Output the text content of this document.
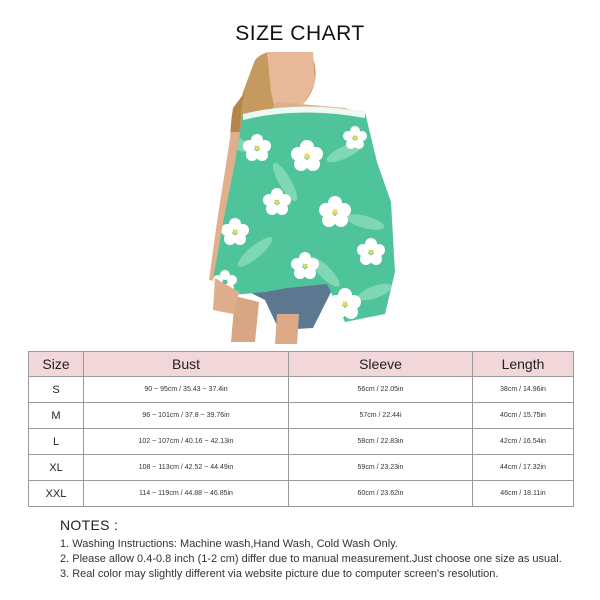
SIZE CHART
Size	Bust	Sleeve	Length
S	90 ~ 95cm / 35.43 ~ 37.4in	56cm / 22.05in	38cm / 14.96in
M	96 ~ 101cm / 37.8 ~ 39.76in	57cm / 22.44i	40cm / 15.75in
L	102 ~ 107cm / 40.16 ~ 42.13in	58cm / 22.83in	42cm / 16.54in
XL	108 ~ 113cm / 42.52 ~ 44.49in	59cm / 23.23in	44cm / 17.32in
XXL	114 ~ 119cm / 44.88 ~ 46.85in	60cm / 23.62in	46cm / 18.11in
NOTES :
1. Washing Instructions: Machine wash,Hand Wash, Cold Wash Only.
2. Please allow 0.4-0.8 inch (1-2 cm) differ due to manual measurement.Just choose one size as usual.
3. Real color may slightly different via website picture due to computer screen's resolution.
